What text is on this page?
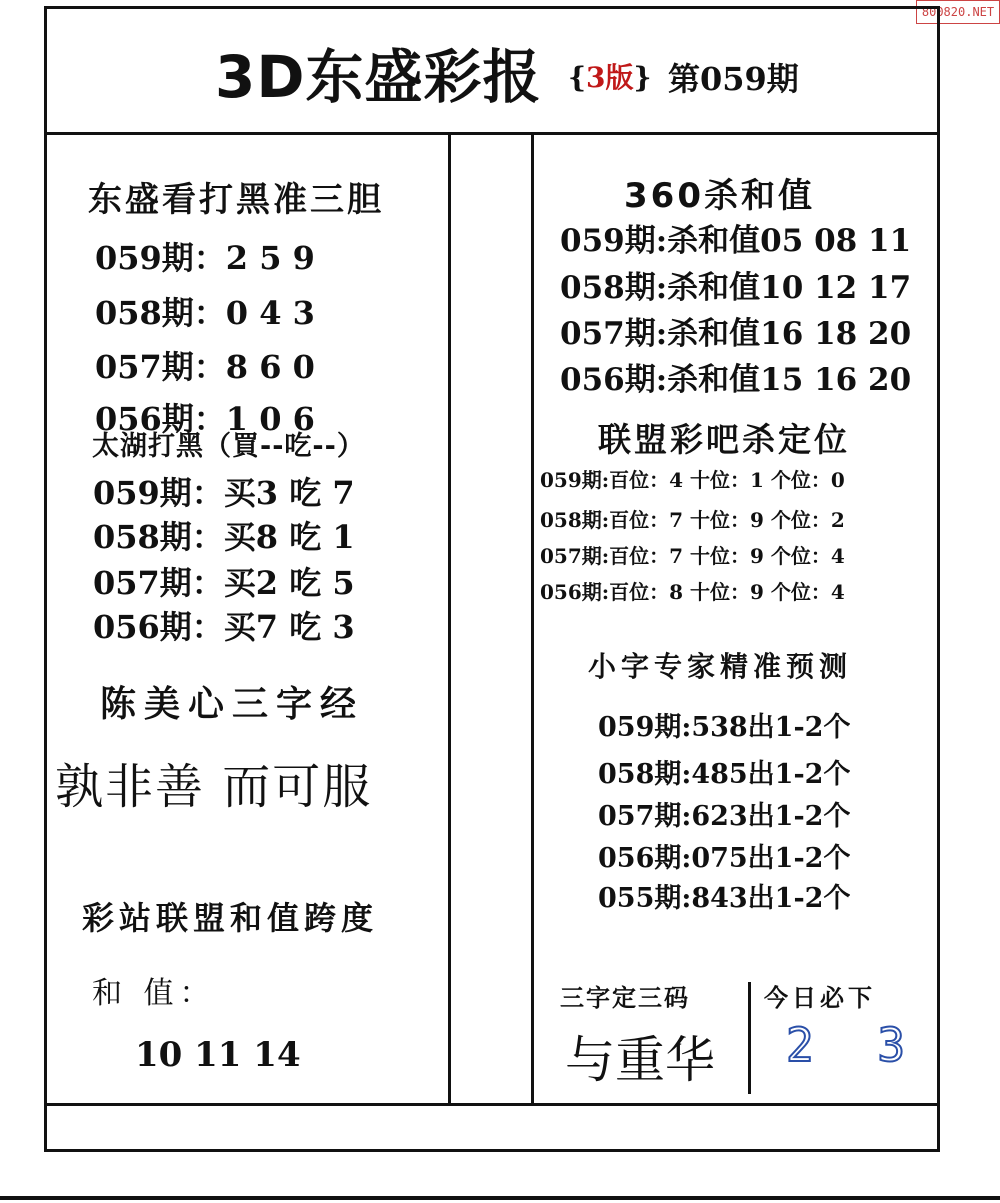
800820.NET
3D东盛彩报 {3版} 第059期
东盛看打黑准三胆
059期：2 5 9
058期：0 4 3
057期：8 6 0
056期：1 0 6
太湖打黑（買--吃--）
059期：买3 吃 7
058期：买8 吃 1
057期：买2 吃 5
056期：买7 吃 3
陈美心三字经
孰非善 而可服
彩站联盟和值跨度
和 值：
10 11 14
360杀和值
059期:杀和值05 08 11
058期:杀和值10 12 17
057期:杀和值16 18 20
056期:杀和值15 16 20
联盟彩吧杀定位
059期:百位：4 十位：1 个位：0
058期:百位：7 十位：9 个位：2
057期:百位：7 十位：9 个位：4
056期:百位：8 十位：9 个位：4
小字专家精准预测
059期:538出1-2个
058期:485出1-2个
057期:623出1-2个
056期:075出1-2个
055期:843出1-2个
三字定三码
与重华
今日必下
2 3
